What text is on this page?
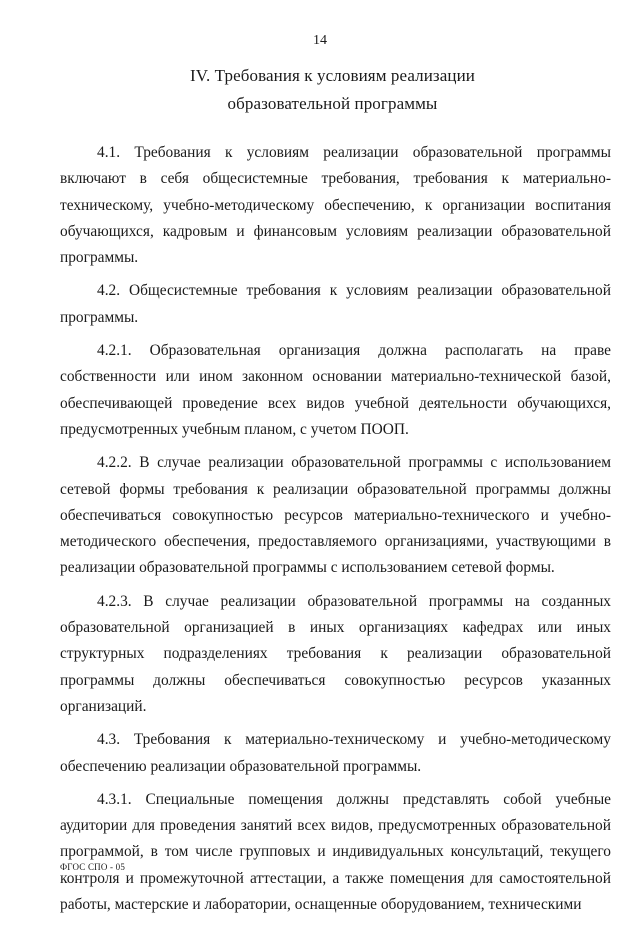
14
IV. Требования к условиям реализации
образовательной программы

4.1. Требования к условиям реализации образовательной программы включают в себя общесистемные требования, требования к материально-техническому, учебно-методическому обеспечению, к организации воспитания обучающихся, кадровым и финансовым условиям реализации образовательной программы.

4.2. Общесистемные требования к условиям реализации образовательной программы.

4.2.1. Образовательная организация должна располагать на праве собственности или ином законном основании материально-технической базой, обеспечивающей проведение всех видов учебной деятельности обучающихся, предусмотренных учебным планом, с учетом ПООП.

4.2.2. В случае реализации образовательной программы с использованием сетевой формы требования к реализации образовательной программы должны обеспечиваться совокупностью ресурсов материально-технического и учебно-методического обеспечения, предоставляемого организациями, участвующими в реализации образовательной программы с использованием сетевой формы.

4.2.3. В случае реализации образовательной программы на созданных образовательной организацией в иных организациях кафедрах или иных структурных подразделениях требования к реализации образовательной программы должны обеспечиваться совокупностью ресурсов указанных организаций.

4.3. Требования к материально-техническому и учебно-методическому обеспечению реализации образовательной программы.

4.3.1. Специальные помещения должны представлять собой учебные аудитории для проведения занятий всех видов, предусмотренных образовательной программой, в том числе групповых и индивидуальных консультаций, текущего контроля и промежуточной аттестации, а также помещения для самостоятельной работы, мастерские и лаборатории, оснащенные оборудованием, техническими

ФГОС СПО - 05
